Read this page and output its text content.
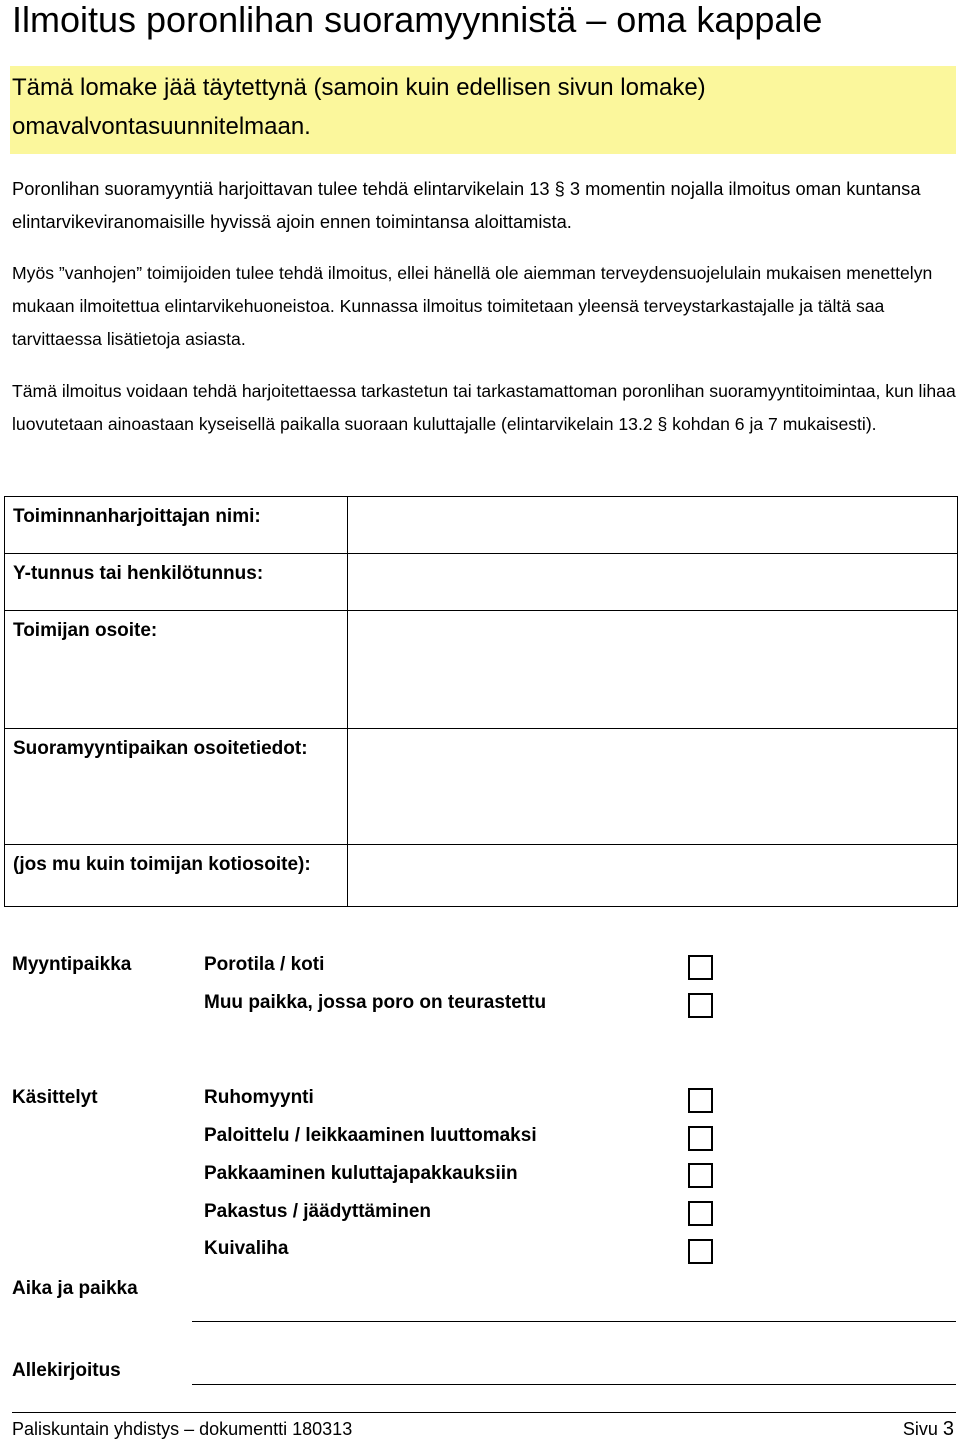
Ilmoitus poronlihan suoramyynnistä – oma kappale
Tämä lomake jää täytettynä (samoin kuin edellisen sivun lomake) omavalvontasuunnitelmaan.
Poronlihan suoramyyntiä harjoittavan tulee tehdä elintarvikelain 13 § 3 momentin nojalla ilmoitus oman kuntansa elintarvikeviranomaisille hyvissä ajoin ennen toimintansa aloittamista.
Myös ”vanhojen” toimijoiden tulee tehdä ilmoitus, ellei hänellä ole aiemman terveydensuojelulain mukaisen menettelyn mukaan ilmoitettua elintarvikehuoneistoa. Kunnassa ilmoitus toimitetaan yleensä terveystarkastajalle ja tältä saa tarvittaessa lisätietoja asiasta.
Tämä ilmoitus voidaan tehdä harjoitettaessa tarkastetun tai tarkastamattoman poronlihan suoramyyntitoimintaa, kun lihaa luovutetaan ainoastaan kyseisellä paikalla suoraan kuluttajalle (elintarvikelain 13.2 § kohdan 6 ja 7 mukaisesti).
Toiminnanharjoittajan nimi:	
Y-tunnus tai henkilötunnus:	
Toimijan osoite:	
Suoramyyntipaikan osoitetiedot:	
(jos mu kuin toimijan kotiosoite):	
Myyntipaikka	Porotila / koti
Muu paikka, jossa poro on teurastettu
Käsittelyt	Ruhomyynti
Paloittelu / leikkaaminen luuttomaksi
Pakkaaminen kuluttajapakkauksiin
Pakastus / jäädyttäminen
Kuivaliha
Aika ja paikka
Allekirjoitus
Paliskuntain yhdistys – dokumentti 180313	Sivu 3
